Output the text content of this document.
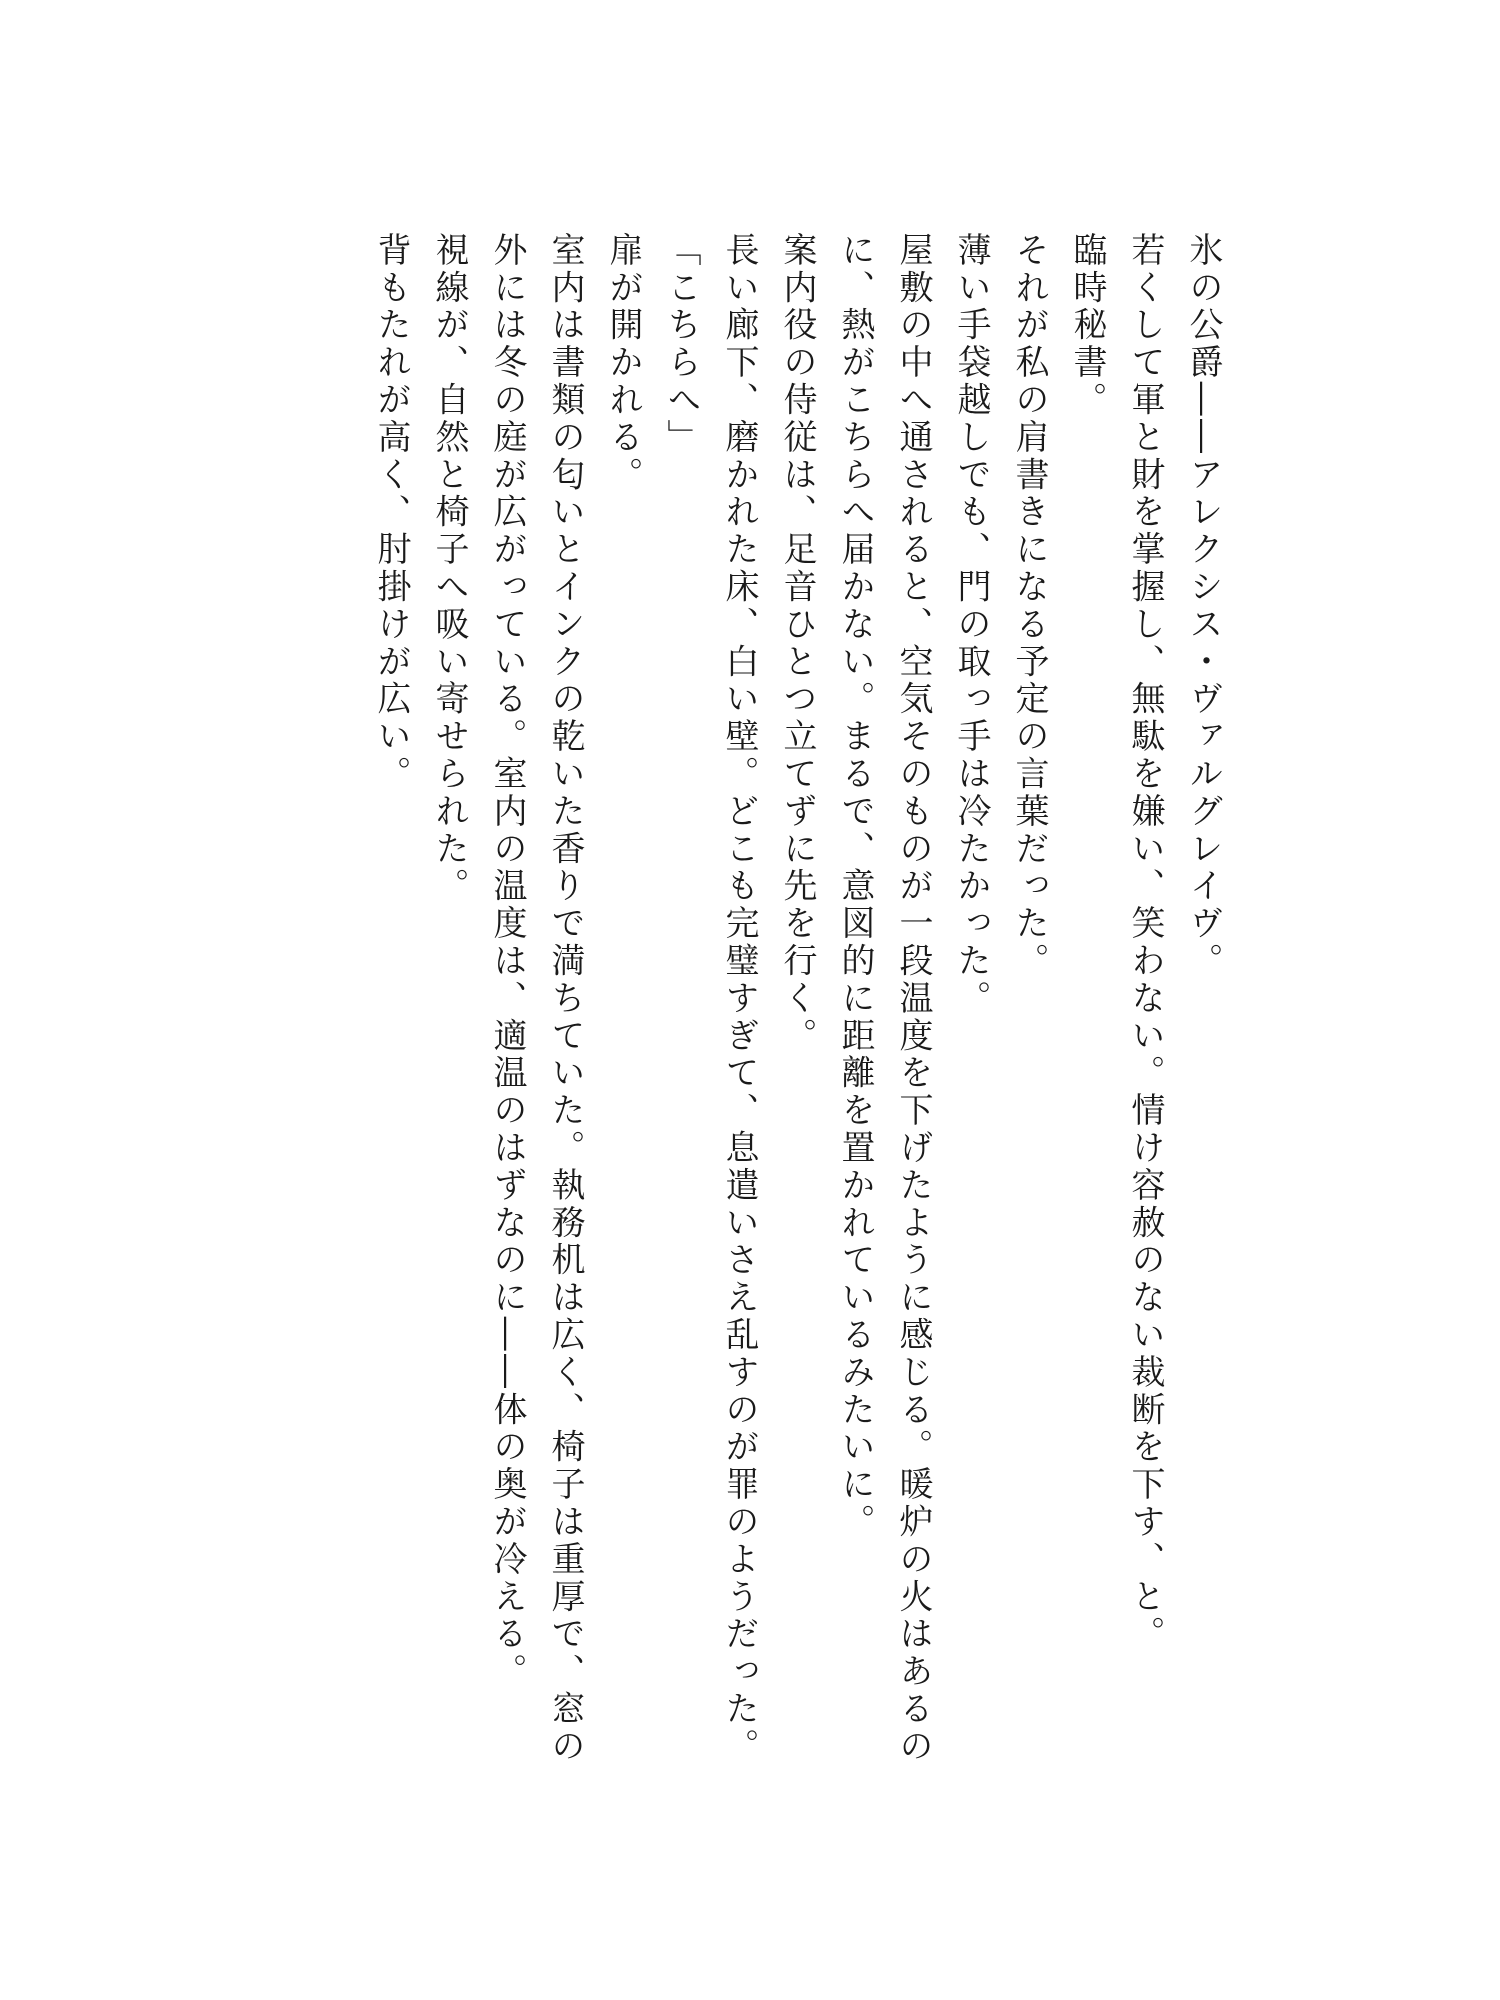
氷の公爵――アレクシス・ヴァルグレイヴ。

若くして軍と財を掌握し、無駄を嫌い、笑わない。情け容赦のない裁断を下す、と。

臨時秘書。

それが私の肩書きになる予定の言葉だった。

薄い手袋越しでも、門の取っ手は冷たかった。

屋敷の中へ通されると、空気そのものが一段温度を下げたように感じる。暖炉の火はあるのに、熱がこちらへ届かない。まるで、意図的に距離を置かれているみたいに。

案内役の侍従は、足音ひとつ立てずに先を行く。

長い廊下、磨かれた床、白い壁。どこも完璧すぎて、息遣いさえ乱すのが罪のようだった。

「こちらへ」

扉が開かれる。

室内は書類の匂いとインクの乾いた香りで満ちていた。執務机は広く、椅子は重厚で、窓の外には冬の庭が広がっている。室内の温度は、適温のはずなのに――体の奥が冷える。

視線が、自然と椅子へ吸い寄せられた。

背もたれが高く、肘掛けが広い。
